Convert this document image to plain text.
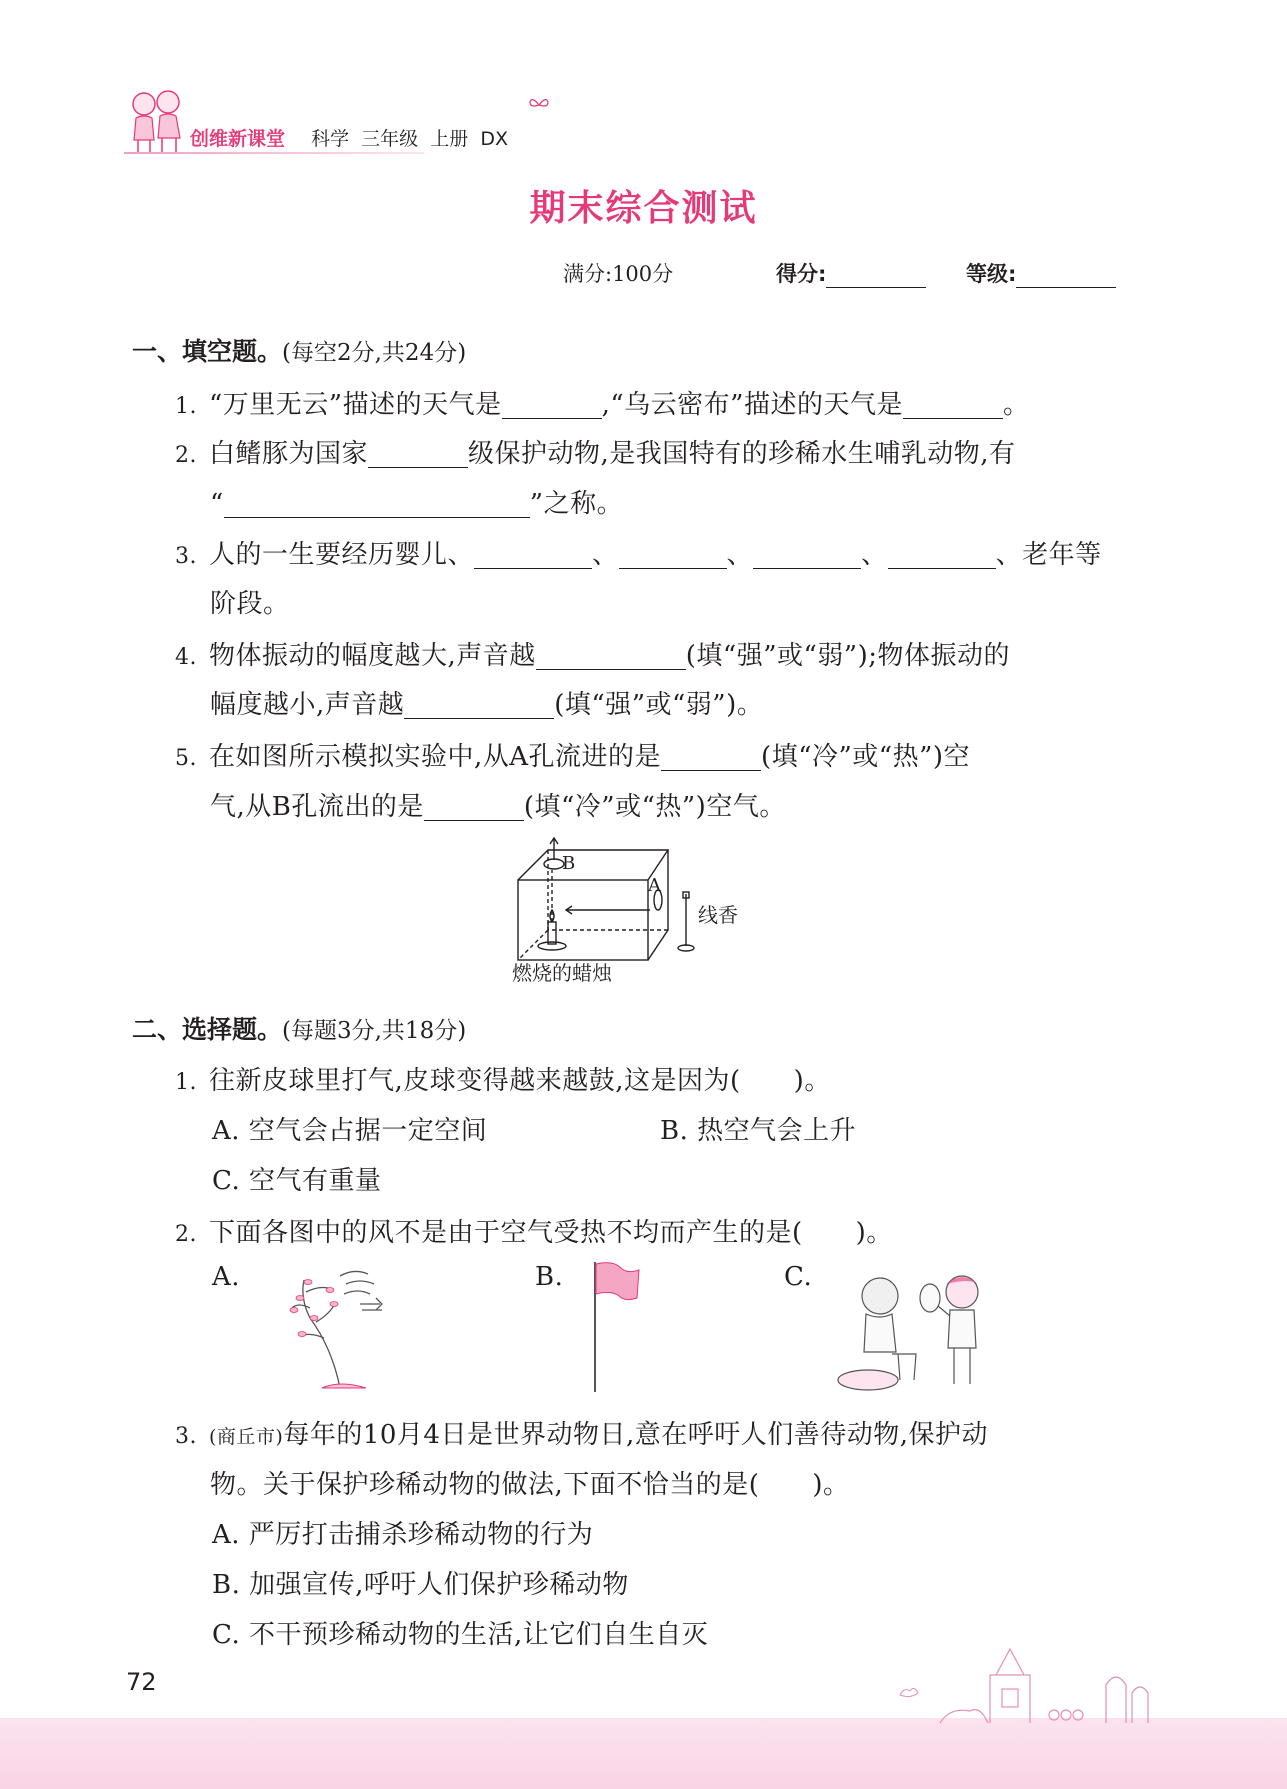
创维新课堂 科学 三年级 上册 DX
期末综合测试
满分:100分	得分:	等级:
一、填空题。(每空2分,共24分)
1. “万里无云”描述的天气是	,“乌云密布”描述的天气是	。
2. 白鳍豚为国家	级保护动物,是我国特有的珍稀水生哺乳动物,有
“	”之称。
3. 人的一生要经历婴儿、	、	、	、	、老年等
阶段。
4. 物体振动的幅度越大,声音越	(填“强”或“弱”);物体振动的
幅度越小,声音越	(填“强”或“弱”)。
5. 在如图所示模拟实验中,从A孔流进的是	(填“冷”或“热”)空
气,从B孔流出的是	(填“冷”或“热”)空气。
B
A
线香
燃烧的蜡烛
二、选择题。(每题3分,共18分)
1. 往新皮球里打气,皮球变得越来越鼓,这是因为(　　)。
A. 空气会占据一定空间	B. 热空气会上升
C. 空气有重量
2. 下面各图中的风不是由于空气受热不均而产生的是(　　)。
A.	B.	C.
3. (商丘市)每年的10月4日是世界动物日,意在呼吁人们善待动物,保护动
物。关于保护珍稀动物的做法,下面不恰当的是(　　)。
A. 严厉打击捕杀珍稀动物的行为
B. 加强宣传,呼吁人们保护珍稀动物
C. 不干预珍稀动物的生活,让它们自生自灭
72
